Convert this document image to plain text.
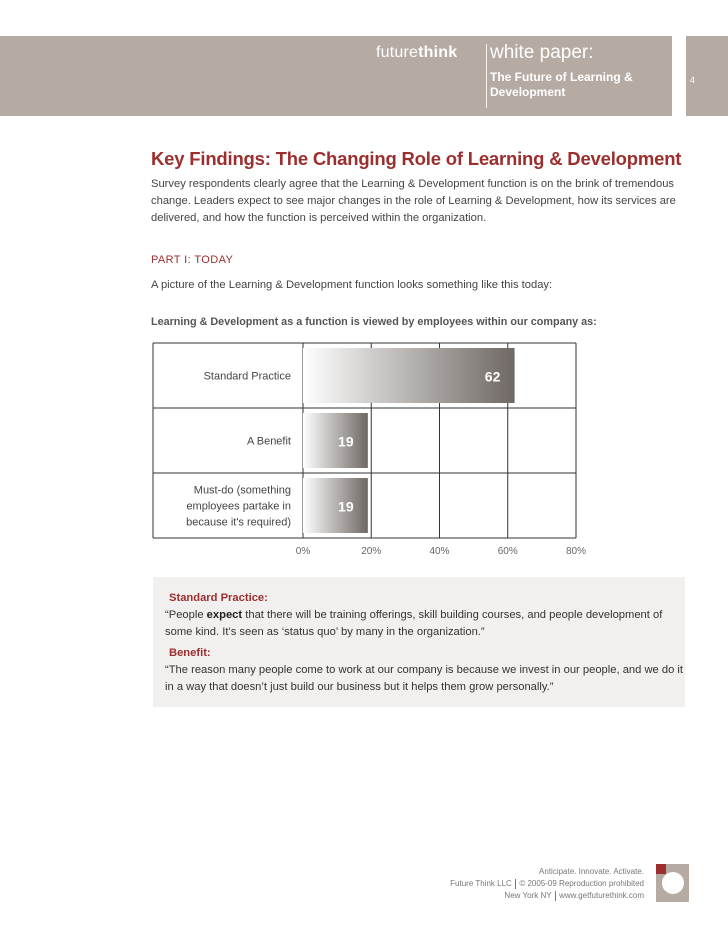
futurethink white paper:
The Future of Learning & Development
4
Key Findings: The Changing Role of Learning & Development
Survey respondents clearly agree that the Learning & Development function is on the brink of tremendous change. Leaders expect to see major changes in the role of Learning & Development, how its services are delivered, and how the function is perceived within the organization.
PART I: TODAY
A picture of the Learning & Development function looks something like this today:
Learning & Development as a function is viewed by employees within our company as:
0%	20%	40%	60%	80%
62
Standard Practice
19
A Benefit
19
Must-do (something employees partake in because it's required)
Standard Practice:
“People expect that there will be training offerings, skill building courses, and people development of some kind. It’s seen as ‘status quo’ by many in the organization.”
Benefit:
“The reason many people come to work at our company is because we invest in our people, and we do it in a way that doesn’t just build our business but it helps them grow personally.”
Anticipate. Innovate. Activate.
Future Think LLC © 2005-09 Reproduction prohibited
New York NY www.getfuturethink.com
